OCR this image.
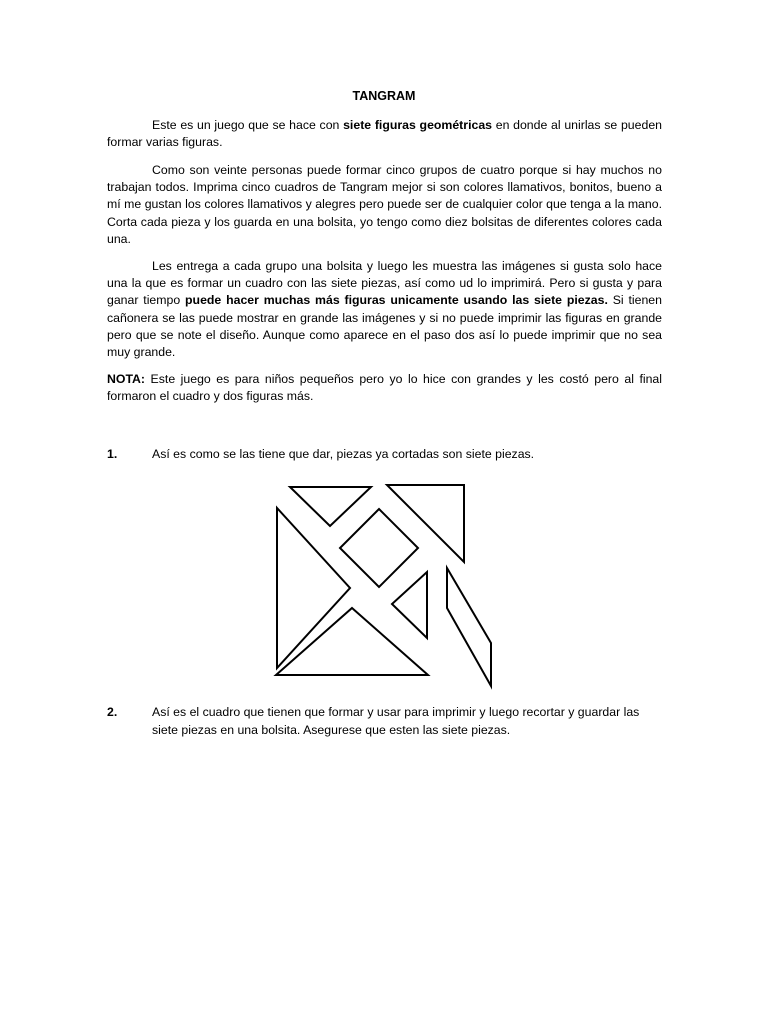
TANGRAM

Este es un juego que se hace con siete figuras geométricas en donde al unirlas se pueden formar varias figuras.

Como son veinte personas puede formar cinco grupos de cuatro porque si hay muchos no trabajan todos. Imprima cinco cuadros de Tangram mejor si son colores llamativos, bonitos, bueno a mí me gustan los colores llamativos y alegres pero puede ser de cualquier color que tenga a la mano. Corta cada pieza y los guarda en una bolsita, yo tengo como diez bolsitas de diferentes colores cada una.

Les entrega a cada grupo una bolsita y luego les muestra las imágenes si gusta solo hace una la que es formar un cuadro con las siete piezas, así como ud lo imprimirá. Pero si gusta y para ganar tiempo puede hacer muchas más figuras unicamente usando las siete piezas. Si tienen cañonera se las puede mostrar en grande las imágenes y si no puede imprimir las figuras en grande pero que se note el diseño. Aunque como aparece en el paso dos así lo puede imprimir que no sea muy grande.

NOTA: Este juego es para niños pequeños pero yo lo hice con grandes y les costó pero al final formaron el cuadro y dos figuras más.

1.	Así es como se las tiene que dar, piezas ya cortadas son siete piezas.
2.	Así es el cuadro que tienen que formar y usar para imprimir y luego recortar y guardar las siete piezas en una bolsita. Asegurese que esten las siete piezas.
